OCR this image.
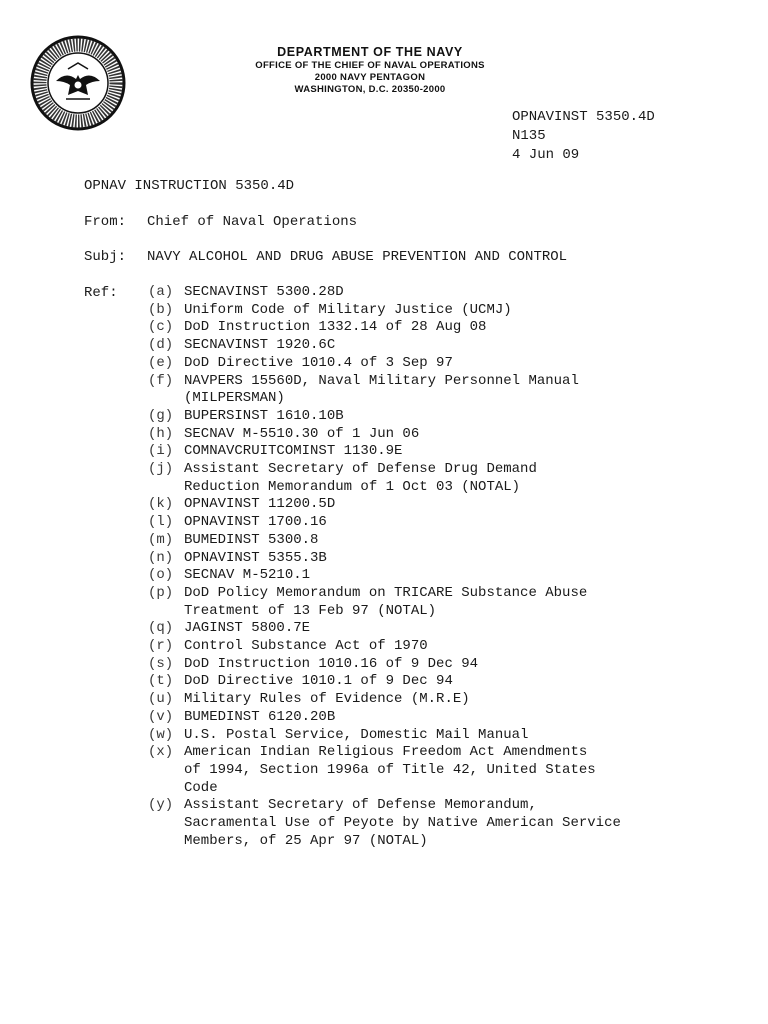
DEPARTMENT OF THE NAVY
OFFICE OF THE CHIEF OF NAVAL OPERATIONS
2000 NAVY PENTAGON
WASHINGTON, D.C. 20350-2000
OPNAVINST 5350.4D
N135
4 Jun 09
OPNAV INSTRUCTION 5350.4D
From: Chief of Naval Operations
Subj: NAVY ALCOHOL AND DRUG ABUSE PREVENTION AND CONTROL
Ref: (a) SECNAVINST 5300.28D
(b) Uniform Code of Military Justice (UCMJ)
(c) DoD Instruction 1332.14 of 28 Aug 08
(d) SECNAVINST 1920.6C
(e) DoD Directive 1010.4 of 3 Sep 97
(f) NAVPERS 15560D, Naval Military Personnel Manual
(MILPERSMAN)
(g) BUPERSINST 1610.10B
(h) SECNAV M-5510.30 of 1 Jun 06
(i) COMNAVCRUITCOMINST 1130.9E
(j) Assistant Secretary of Defense Drug Demand
Reduction Memorandum of 1 Oct 03 (NOTAL)
(k) OPNAVINST 11200.5D
(l) OPNAVINST 1700.16
(m) BUMEDINST 5300.8
(n) OPNAVINST 5355.3B
(o) SECNAV M-5210.1
(p) DoD Policy Memorandum on TRICARE Substance Abuse
Treatment of 13 Feb 97 (NOTAL)
(q) JAGINST 5800.7E
(r) Control Substance Act of 1970
(s) DoD Instruction 1010.16 of 9 Dec 94
(t) DoD Directive 1010.1 of 9 Dec 94
(u) Military Rules of Evidence (M.R.E)
(v) BUMEDINST 6120.20B
(w) U.S. Postal Service, Domestic Mail Manual
(x) American Indian Religious Freedom Act Amendments
of 1994, Section 1996a of Title 42, United States
Code
(y) Assistant Secretary of Defense Memorandum,
Sacramental Use of Peyote by Native American Service
Members, of 25 Apr 97 (NOTAL)
